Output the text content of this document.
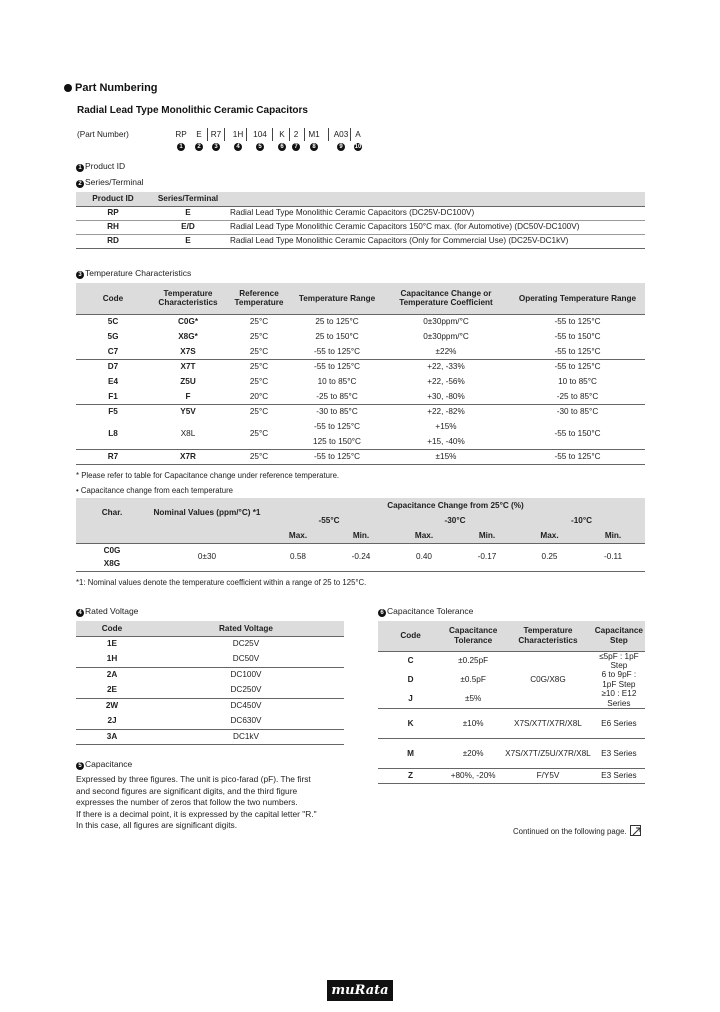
Part Numbering
Radial Lead Type Monolithic Ceramic Capacitors
(Part Number)	RP
1
E
2
R7
3
1H
4
104
5
K
6
2
7
M1
8
A03
9
A
10
1 Product ID
2 Series/Terminal
Product ID	Series/Terminal	
RP	E	Radial Lead Type Monolithic Ceramic Capacitors (DC25V-DC100V)
RH	E/D	Radial Lead Type Monolithic Ceramic Capacitors 150°C max. (for Automotive) (DC50V-DC100V)
RD	E	Radial Lead Type Monolithic Ceramic Capacitors (Only for Commercial Use) (DC25V-DC1kV)
3 Temperature Characteristics
Code	Temperature Characteristics	Reference Temperature	Temperature Range	Capacitance Change or Temperature Coefficient	Operating Temperature Range
5C	C0G*	25°C	25 to 125°C	0±30ppm/°C	-55 to 125°C
5G	X8G*	25°C	25 to 150°C	0±30ppm/°C	-55 to 150°C
C7	X7S	25°C	-55 to 125°C	±22%	-55 to 125°C
D7	X7T	25°C	-55 to 125°C	+22, -33%	-55 to 125°C
E4	Z5U	25°C	10 to 85°C	+22, -56%	10 to 85°C
F1	F	20°C	-25 to 85°C	+30, -80%	-25 to 85°C
F5	Y5V	25°C	-30 to 85°C	+22, -82%	-30 to 85°C
L8	X8L	25°C	-55 to 125°C	+15%	-55 to 150°C
			125 to 150°C	+15, -40%	
R7	X7R	25°C	-55 to 125°C	±15%	-55 to 125°C
* Please refer to table for Capacitance change under reference temperature.
• Capacitance change from each temperature
Char.	Nominal Values (ppm/°C) *1	Capacitance Change from 25°C (%)					
		-55°C		-30°C		-10°C	
		Max.	Min.	Max.	Min.	Max.	Min.
C0G	0±30	0.58	-0.24	0.40	-0.17	0.25	-0.11
X8G							
*1: Nominal values denote the temperature coefficient within a range of 25 to 125°C.
4 Rated Voltage
Code	Rated Voltage
1E	DC25V
1H	DC50V
2A	DC100V
2E	DC250V
2W	DC450V
2J	DC630V
3A	DC1kV
5 Capacitance
Expressed by three figures. The unit is pico-farad (pF). The first
and second figures are significant digits, and the third figure
expresses the number of zeros that follow the two numbers.
If there is a decimal point, it is expressed by the capital letter "R."
In this case, all figures are significant digits.
6 Capacitance Tolerance
Code	Capacitance Tolerance	Temperature Characteristics	Capacitance Step
C	±0.25pF	C0G/X8G	≤5pF : 1pF Step
D	±0.5pF		6 to 9pF : 1pF Step
J	±5%		≥10 : E12 Series
K	±10%	X7S/X7T/X7R/X8L	E6 Series
M	±20%	X7S/X7T/Z5U/X7R/X8L	E3 Series
Z	+80%, -20%	F/Y5V	E3 Series
Continued on the following page.
muRata
